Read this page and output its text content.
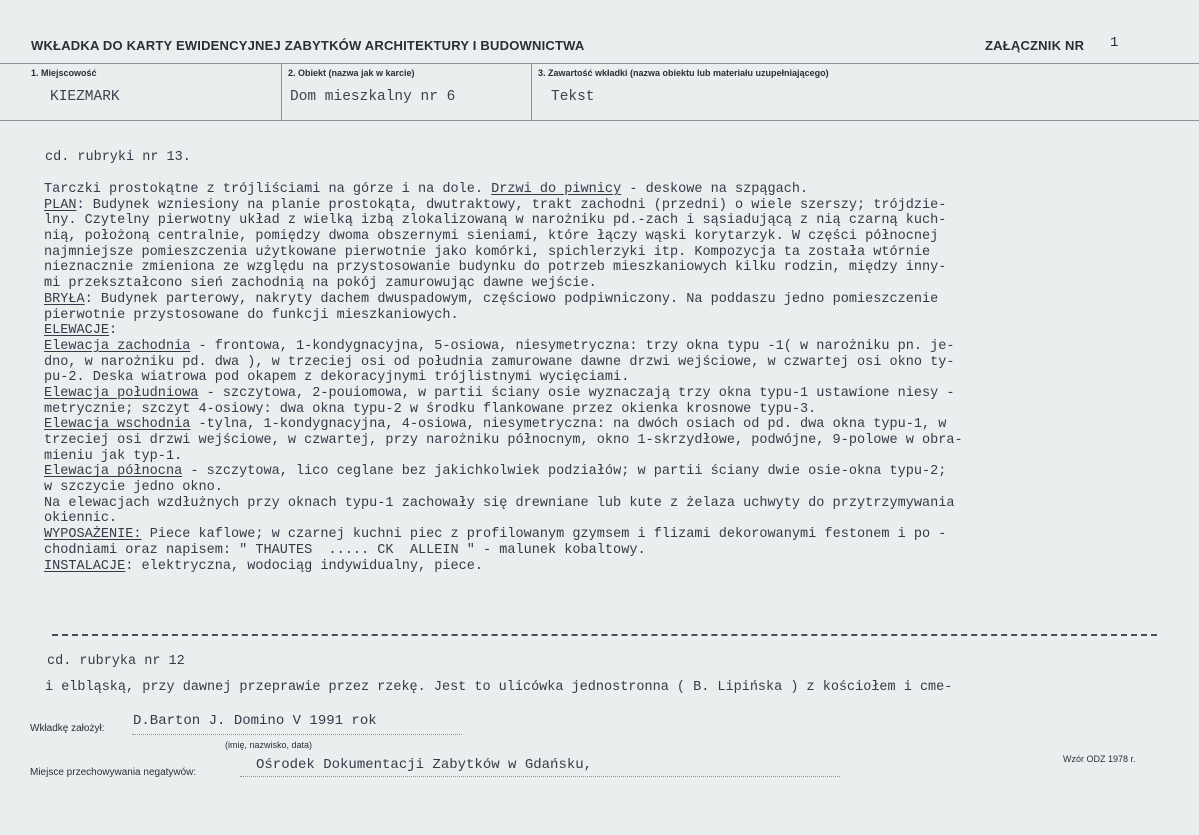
WKŁADKA DO KARTY EWIDENCYJNEJ ZABYTKÓW ARCHITEKTURY I BUDOWNICTWA	ZAŁĄCZNIK NR 1
1. Miejscowość	2. Obiekt (nazwa jak w karcie)	3. Zawartość wkładki (nazwa obiektu lub materiału uzupełniającego)
KIEZMARK	Dom mieszkalny nr 6	Tekst
cd. rubryki nr 13.
Tarczki prostokątne z trójliściami na górze i na dole. Drzwi do piwnicy - deskowe na szpągach.
PLAN: Budynek wzniesiony na planie prostokąta, dwutraktowy, trakt zachodni (przedni) o wiele szerszy; trójdzie-
lny. Czytelny pierwotny układ z wielką izbą zlokalizowaną w narożniku pd.-zach i sąsiadującą z nią czarną kuch-
nią, położoną centralnie, pomiędzy dwoma obszernymi sieniami, które łączy wąski korytarzyk. W części północnej
najmniejsze pomieszczenia użytkowane pierwotnie jako komórki, spichlerzyki itp. Kompozycja ta została wtórnie
nieznacznie zmieniona ze względu na przystosowanie budynku do potrzeb mieszkaniowych kilku rodzin, między inny-
mi przekształcono sień zachodnią na pokój zamurowując dawne wejście.
BRYŁA: Budynek parterowy, nakryty dachem dwuspadowym, częściowo podpiwniczony. Na poddaszu jedno pomieszczenie
pierwotnie przystosowane do funkcji mieszkaniowych.
ELEWACJE:
Elewacja zachodnia - frontowa, 1-kondygnacyjna, 5-osiowa, niesymetryczna: trzy okna typu -1( w narożniku pn. je-
dno, w narożniku pd. dwa ), w trzeciej osi od południa zamurowane dawne drzwi wejściowe, w czwartej osi okno ty-
pu-2. Deska wiatrowa pod okapem z dekoracyjnymi trójlistnymi wycięciami.
Elewacja południowa - szczytowa, 2-pouiomowa, w partii ściany osie wyznaczają trzy okna typu-1 ustawione niesy -
metrycznie; szczyt 4-osiowy: dwa okna typu-2 w środku flankowane przez okienka krosnowe typu-3.
Elewacja wschodnia -tylna, 1-kondygnacyjna, 4-osiowa, niesymetryczna: na dwóch osiach od pd. dwa okna typu-1, w
trzeciej osi drzwi wejściowe, w czwartej, przy narożniku północnym, okno 1-skrzydłowe, podwójne, 9-polowe w obra-
mieniu jak typ-1.
Elewacja północna - szczytowa, lico ceglane bez jakichkolwiek podziałów; w partii ściany dwie osie-okna typu-2;
w szczycie jedno okno.
Na elewacjach wzdłużnych przy oknach typu-1 zachowały się drewniane lub kute z żelaza uchwyty do przytrzymywania
okiennic.
WYPOSAŻENIE: Piece kaflowe; w czarnej kuchni piec z profilowanym gzymsem i flizami dekorowanymi festonem i po -
chodniami oraz napisem: " THAUTES  ..... CK  ALLEIN " - malunek kobaltowy.
INSTALACJE: elektryczna, wodociąg indywidualny, piece.
cd. rubryka nr 12
i elbląską, przy dawnej przeprawie przez rzekę. Jest to ulicówka jednostronna ( B. Lipińska ) z kościołem i cme-
Wkładkę założył: D.Barton J. Domino V 1991 rok
(imię, nazwisko, data)
Miejsce przechowywania negatywów:	Ośrodek Dokumentacji Zabytków w Gdańsku,	Wzór ODZ 1978 r.
